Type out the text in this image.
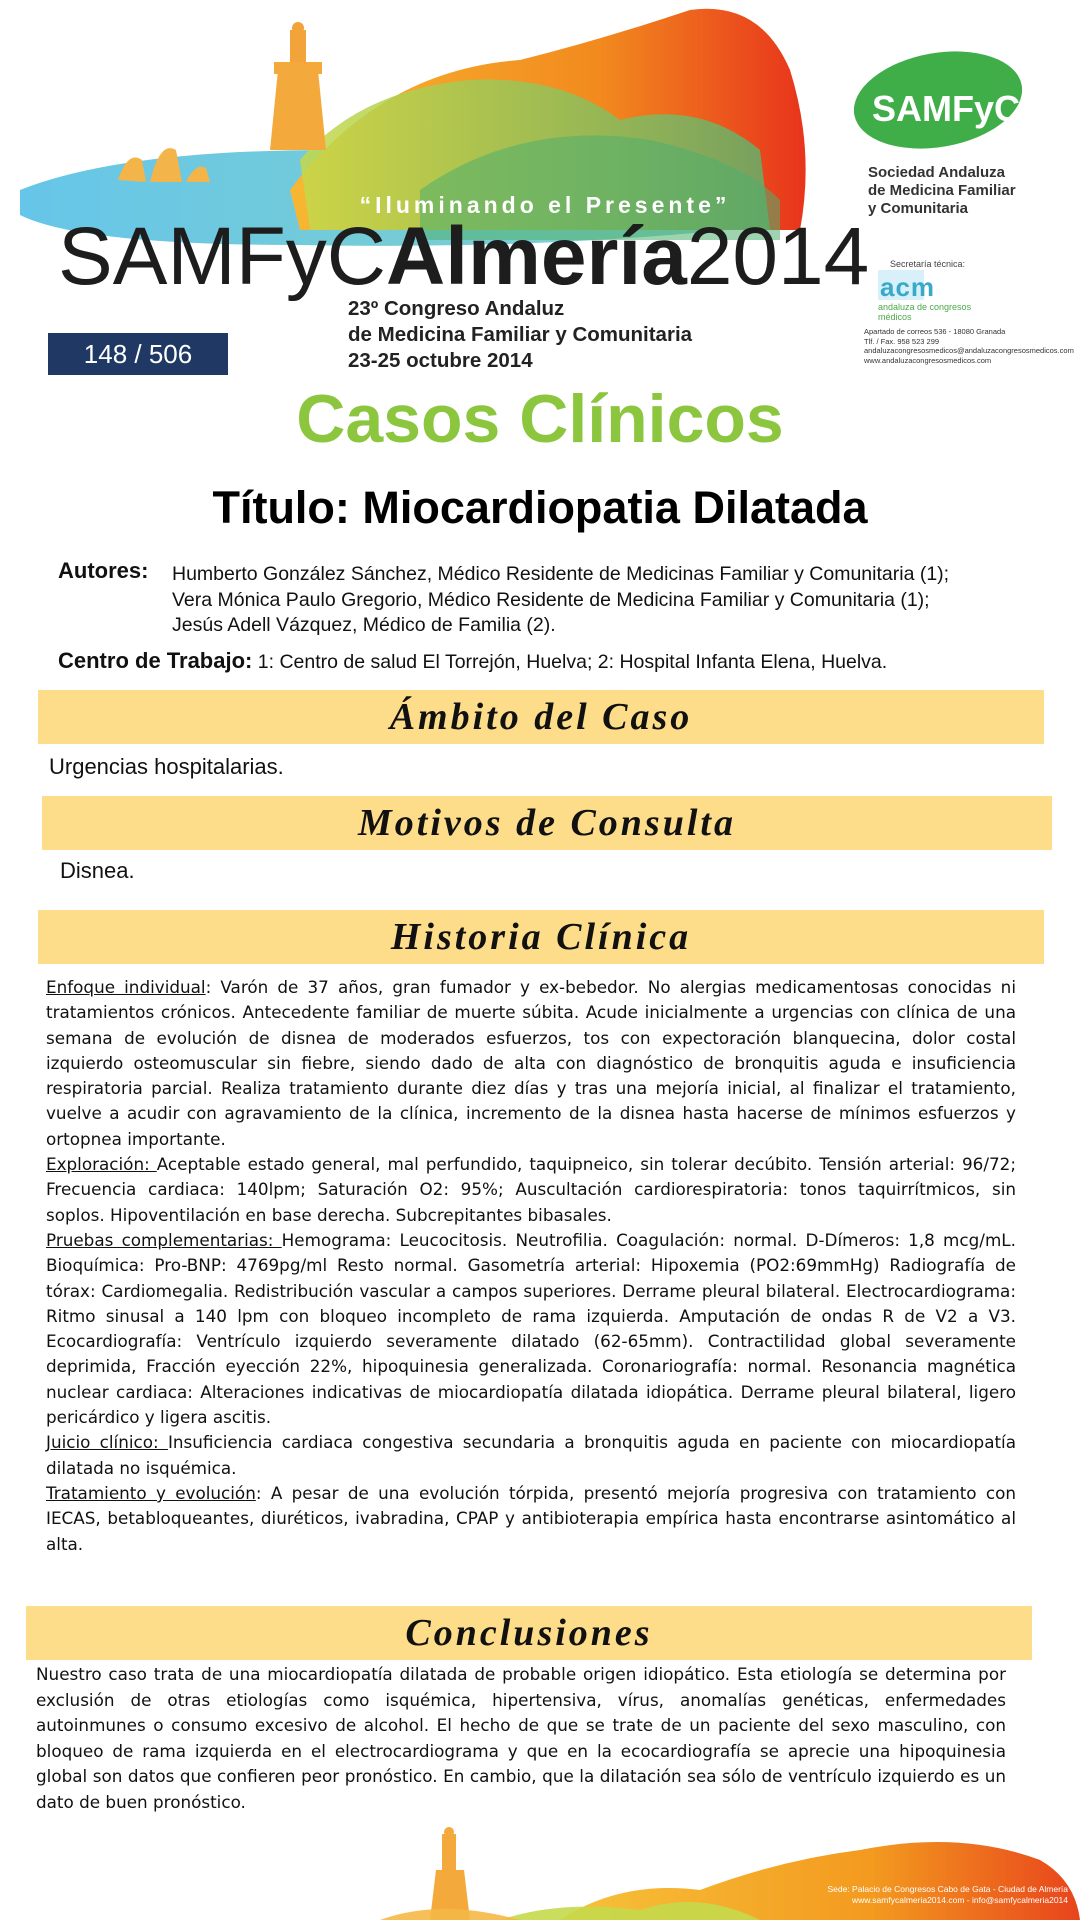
“Iluminando el Presente”
SAMFyCAlmería2014
23º Congreso Andaluz
de Medicina Familiar y Comunitaria
23-25 octubre 2014
148 / 506
SAMFyC
Sociedad Andaluza
de Medicina Familiar
y Comunitaria
Secretaría técnica:
acm
andaluza de congresos médicos
Apartado de correos 536 - 18080 Granada
Tlf. / Fax. 958 523 299
andaluzacongresosmedicos@andaluzacongresosmedicos.com
www.andaluzacongresosmedicos.com
Casos Clínicos
Título: Miocardiopatia Dilatada
Autores: Humberto González Sánchez, Médico Residente de Medicinas Familiar y Comunitaria (1);
Vera Mónica Paulo Gregorio, Médico Residente de Medicina Familiar y Comunitaria (1);
Jesús Adell Vázquez, Médico de Familia (2).
Centro de Trabajo: 1: Centro de salud El Torrejón, Huelva; 2: Hospital Infanta Elena, Huelva.
Ámbito del Caso
Urgencias hospitalarias.
Motivos de Consulta
Disnea.
Historia Clínica

Enfoque individual: Varón de 37 años, gran fumador y ex-bebedor. No alergias medicamentosas conocidas ni tratamientos crónicos. Antecedente familiar de muerte súbita. Acude inicialmente a urgencias con clínica de una semana de evolución de disnea de moderados esfuerzos, tos con expectoración blanquecina, dolor costal izquierdo osteomuscular sin fiebre, siendo dado de alta con diagnóstico de bronquitis aguda e insuficiencia respiratoria parcial. Realiza tratamiento durante diez días y tras una mejoría inicial, al finalizar el tratamiento, vuelve a acudir con agravamiento de la clínica, incremento de la disnea hasta hacerse de mínimos esfuerzos y ortopnea importante.

Exploración: Aceptable estado general, mal perfundido, taquipneico, sin tolerar decúbito. Tensión arterial: 96/72; Frecuencia cardiaca: 140lpm; Saturación O2: 95%; Auscultación cardiorespiratoria: tonos taquirrítmicos, sin soplos. Hipoventilación en base derecha. Subcrepitantes bibasales.

Pruebas complementarias: Hemograma: Leucocitosis. Neutrofilia. Coagulación: normal. D-Dímeros: 1,8 mcg/mL. Bioquímica: Pro-BNP: 4769pg/ml Resto normal. Gasometría arterial: Hipoxemia (PO2:69mmHg) Radiografía de tórax: Cardiomegalia. Redistribución vascular a campos superiores. Derrame pleural bilateral. Electrocardiograma: Ritmo sinusal a 140 lpm con bloqueo incompleto de rama izquierda. Amputación de ondas R de V2 a V3. Ecocardiografía: Ventrículo izquierdo severamente dilatado (62-65mm). Contractilidad global severamente deprimida, Fracción eyección 22%, hipoquinesia generalizada. Coronariografía: normal. Resonancia magnética nuclear cardiaca: Alteraciones indicativas de miocardiopatía dilatada idiopática. Derrame pleural bilateral, ligero pericárdico y ligera ascitis.

Juicio clínico: Insuficiencia cardiaca congestiva secundaria a bronquitis aguda en paciente con miocardiopatía dilatada no isquémica.

Tratamiento y evolución: A pesar de una evolución tórpida, presentó mejoría progresiva con tratamiento con IECAS, betabloqueantes, diuréticos, ivabradina, CPAP y antibioterapia empírica hasta encontrarse asintomático al alta.

Conclusiones
Nuestro caso trata de una miocardiopatía dilatada de probable origen idiopático. Esta etiología se determina por exclusión de otras etiologías como isquémica, hipertensiva, vírus, anomalías genéticas, enfermedades autoinmunes o consumo excesivo de alcohol. El hecho de que se trate de un paciente del sexo masculino, con bloqueo de rama izquierda en el electrocardiograma y que en la ecocardiografía se aprecie una hipoquinesia global son datos que confieren peor pronóstico. En cambio, que la dilatación sea sólo de ventrículo izquierdo es un dato de buen pronóstico.
Sede: Palacio de Congresos Cabo de Gata - Ciudad de Almería
www.samfycalmeria2014.com - info@samfycalmeria2014
